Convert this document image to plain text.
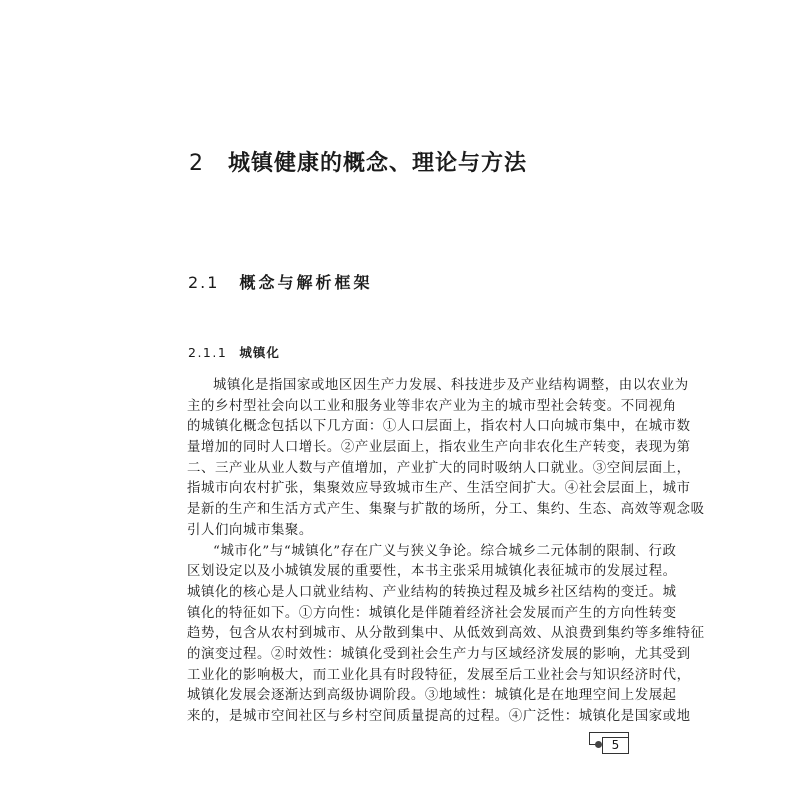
2 城镇健康的概念、理论与方法
2.1 概念与解析框架
2.1.1 城镇化
城镇化是指国家或地区因生产力发展、科技进步及产业结构调整，由以农业为
主的乡村型社会向以工业和服务业等非农产业为主的城市型社会转变。不同视角
的城镇化概念包括以下几方面：①人口层面上，指农村人口向城市集中，在城市数
量增加的同时人口增长。②产业层面上，指农业生产向非农化生产转变，表现为第
二、三产业从业人数与产值增加，产业扩大的同时吸纳人口就业。③空间层面上，
指城市向农村扩张，集聚效应导致城市生产、生活空间扩大。④社会层面上，城市
是新的生产和生活方式产生、集聚与扩散的场所，分工、集约、生态、高效等观念吸
引人们向城市集聚。
“城市化”与“城镇化”存在广义与狭义争论。综合城乡二元体制的限制、行政
区划设定以及小城镇发展的重要性，本书主张采用城镇化表征城市的发展过程。
城镇化的核心是人口就业结构、产业结构的转换过程及城乡社区结构的变迁。城
镇化的特征如下。①方向性：城镇化是伴随着经济社会发展而产生的方向性转变
趋势，包含从农村到城市、从分散到集中、从低效到高效、从浪费到集约等多维特征
的演变过程。②时效性：城镇化受到社会生产力与区域经济发展的影响，尤其受到
工业化的影响极大，而工业化具有时段特征，发展至后工业社会与知识经济时代，
城镇化发展会逐渐达到高级协调阶段。③地域性：城镇化是在地理空间上发展起
来的，是城市空间社区与乡村空间质量提高的过程。④广泛性：城镇化是国家或地
5
